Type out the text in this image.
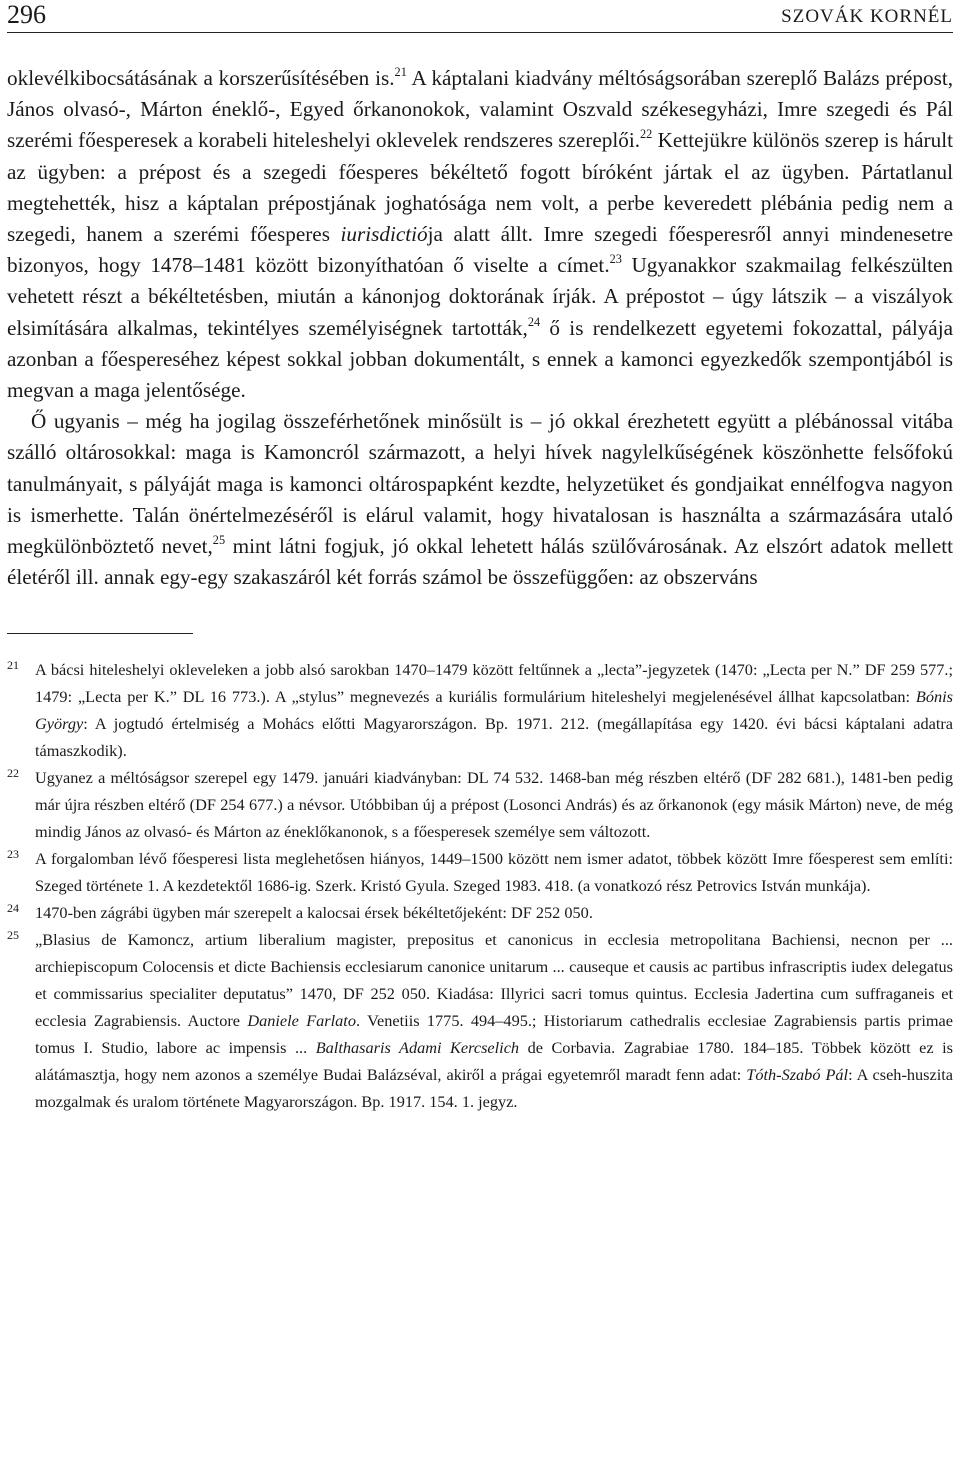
296	SZOVÁK KORNÉL

oklevélkibocsátásának a korszerűsítésében is.$^{21}$ A káptalani kiadvány méltóságsorában szereplő Balázs prépost, János olvasó-, Márton éneklő-, Egyed őrkanonokok, valamint Oszvald székesegyházi, Imre szegedi és Pál szerémi főesperesek a korabeli hiteleshelyi oklevelek rendszeres szereplői.$^{22}$ Kettejükre különös szerep is hárult az ügyben: a prépost és a szegedi főesperes békéltető fogott bíróként jártak el az ügyben. Pártatlanul megtehették, hisz a káptalan prépostjának joghatósága nem volt, a perbe keveredett plébánia pedig nem a szegedi, hanem a szerémi főesperes iurisdictiója alatt állt. Imre szegedi főesperesről annyi mindenesetre bizonyos, hogy 1478–1481 között bizonyíthatóan ő viselte a címet.$^{23}$ Ugyanakkor szakmailag felkészülten vehetett részt a békéltetésben, miután a kánonjog doktorának írják. A prépostot – úgy látszik – a viszályok elsimítására alkalmas, tekintélyes személyiségnek tartották,$^{24}$ ő is rendelkezett egyetemi fokozattal, pályája azonban a főespereséhez képest sokkal jobban dokumentált, s ennek a kamonci egyezkedők szempontjából is megvan a maga jelentősége.

Ő ugyanis – még ha jogilag összeférhetőnek minősült is – jó okkal érezhetett együtt a plébánossal vitába szálló oltárosokkal: maga is Kamoncról származott, a helyi hívek nagylelkűségének köszönhette felsőfokú tanulmányait, s pályáját maga is kamonci oltárospapként kezdte, helyzetüket és gondjaikat ennélfogva nagyon is ismerhette. Talán önértelmezéséről is elárul valamit, hogy hivatalosan is használta a származására utaló megkülönböztető nevet,$^{25}$ mint látni fogjuk, jó okkal lehetett hálás szülővárosának. Az elszórt adatok mellett életéről ill. annak egy-egy szakaszáról két forrás számol be összefüggően: az obszerváns

21 A bácsi hiteleshelyi okleveleken a jobb alsó sarokban 1470–1479 között feltűnnek a „lecta”-jegyzetek (1470: „Lecta per N.” DF 259 577.; 1479: „Lecta per K.” DL 16 773.). A „stylus” megnevezés a kuriális formulárium hiteleshelyi megjelenésével állhat kapcsolatban: Bónis György: A jogtudó értelmiség a Mohács előtti Magyarországon. Bp. 1971. 212. (megállapítása egy 1420. évi bácsi káptalani adatra támaszkodik).
22 Ugyanez a méltóságsor szerepel egy 1479. januári kiadványban: DL 74 532. 1468-ban még részben eltérő (DF 282 681.), 1481-ben pedig már újra részben eltérő (DF 254 677.) a névsor. Utóbbiban új a prépost (Losonci András) és az őrkanonok (egy másik Márton) neve, de még mindig János az olvasó- és Márton az éneklőkanonok, s a főesperesek személye sem változott.
23 A forgalomban lévő főesperesi lista meglehetősen hiányos, 1449–1500 között nem ismer adatot, többek között Imre főesperest sem említi: Szeged története 1. A kezdetektől 1686-ig. Szerk. Kristó Gyula. Szeged 1983. 418. (a vonatkozó rész Petrovics István munkája).
24 1470-ben zágrábi ügyben már szerepelt a kalocsai érsek békéltetőjeként: DF 252 050.
25 „Blasius de Kamoncz, artium liberalium magister, prepositus et canonicus in ecclesia metropolitana Bachiensi, necnon per ... archiepiscopum Colocensis et dicte Bachiensis ecclesiarum canonice unitarum ... causeque et causis ac partibus infrascriptis iudex delegatus et commissarius specialiter deputatus” 1470, DF 252 050. Kiadása: Illyrici sacri tomus quintus. Ecclesia Jadertina cum suffraganeis et ecclesia Zagrabiensis. Auctore Daniele Farlato. Venetiis 1775. 494–495.; Historiarum cathedralis ecclesiae Zagrabiensis partis primae tomus I. Studio, labore ac impensis ... Balthasaris Adami Kercselich de Corbavia. Zagrabiae 1780. 184–185. Többek között ez is alátámasztja, hogy nem azonos a személye Budai Balázséval, akiről a prágai egyetemről maradt fenn adat: Tóth-Szabó Pál: A cseh-huszita mozgalmak és uralom története Magyarországon. Bp. 1917. 154. 1. jegyz.
